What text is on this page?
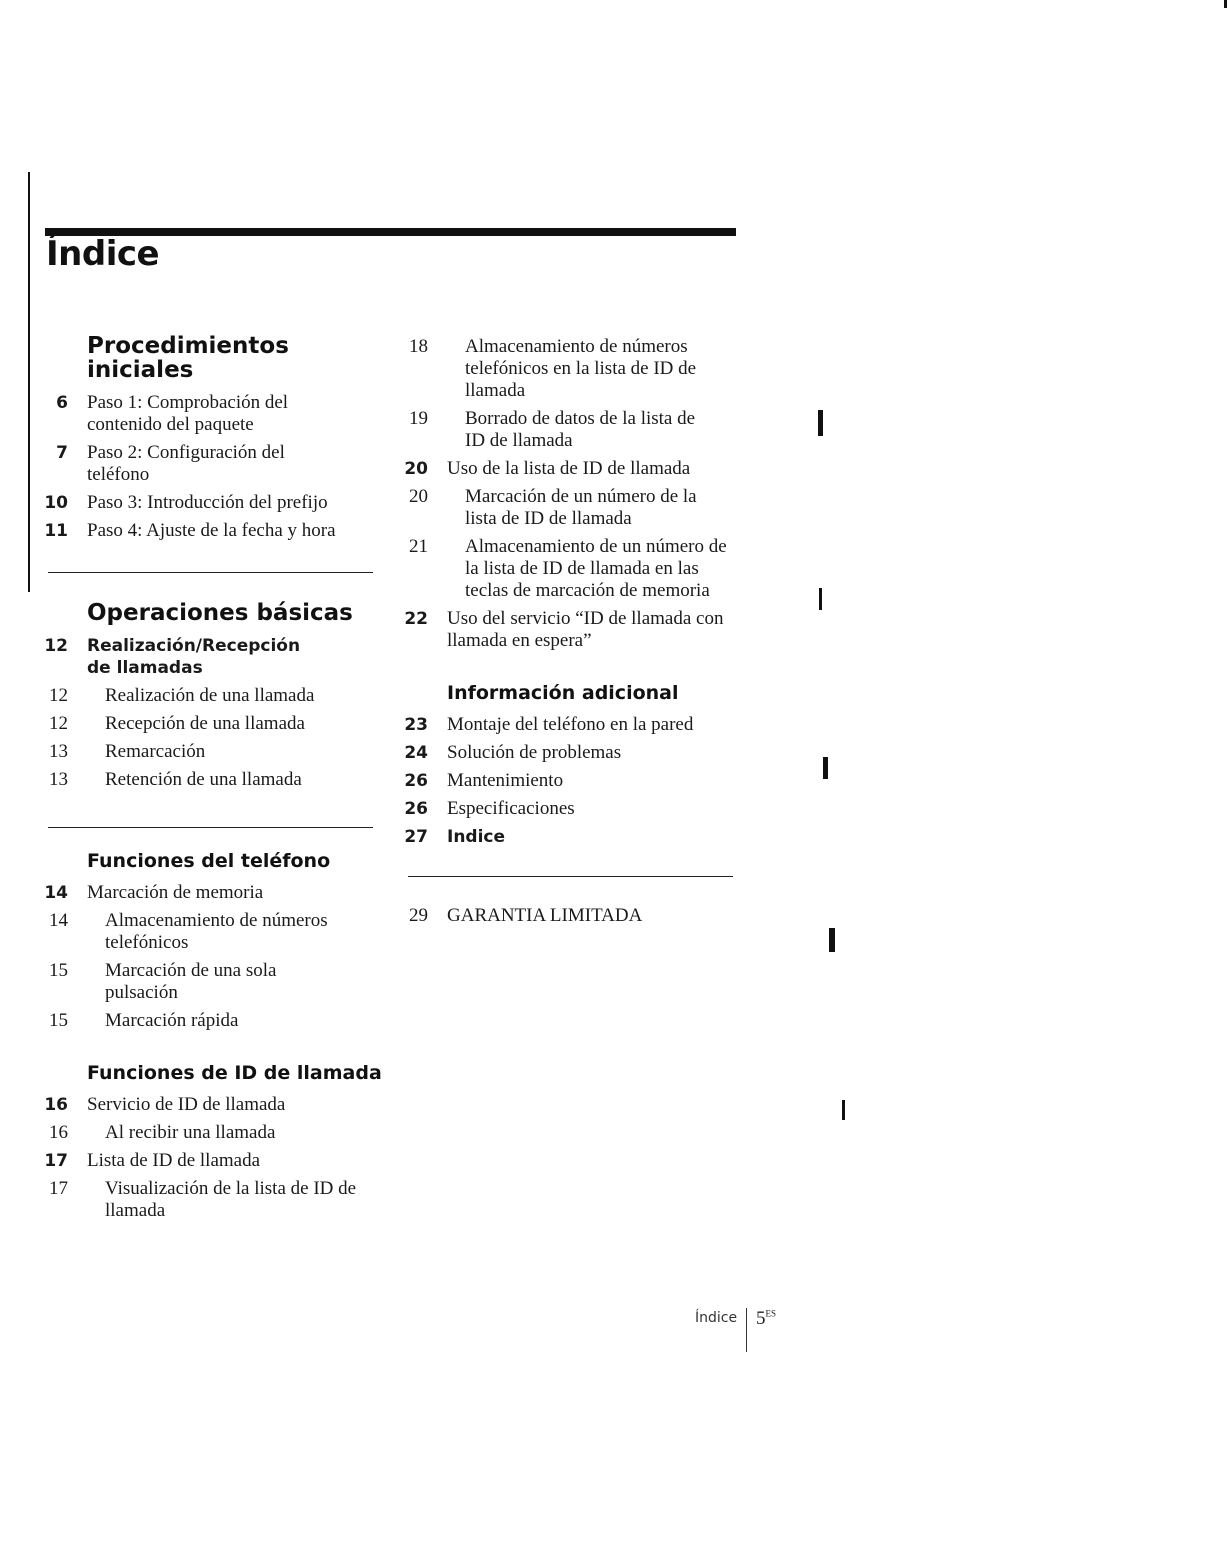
Índice
Procedimientos iniciales
6 Paso 1: Comprobación del contenido del paquete
7 Paso 2: Configuración del teléfono
10 Paso 3: Introducción del prefijo
11 Paso 4: Ajuste de la fecha y hora
Operaciones básicas
12 Realización/Recepción de llamadas
12 Realización de una llamada
12 Recepción de una llamada
13 Remarcación
13 Retención de una llamada
Funciones del teléfono
14 Marcación de memoria
14 Almacenamiento de números telefónicos
15 Marcación de una sola pulsación
15 Marcación rápida
Funciones de ID de llamada
16 Servicio de ID de llamada
16 Al recibir una llamada
17 Lista de ID de llamada
17 Visualización de la lista de ID de llamada
18 Almacenamiento de números telefónicos en la lista de ID de llamada
19 Borrado de datos de la lista de ID de llamada
20 Uso de la lista de ID de llamada
20 Marcación de un número de la lista de ID de llamada
21 Almacenamiento de un número de la lista de ID de llamada en las teclas de marcación de memoria
22 Uso del servicio “ID de llamada con llamada en espera”
Información adicional
23 Montaje del teléfono en la pared
24 Solución de problemas
26 Mantenimiento
26 Especificaciones
27 Indice
29 GARANTIA LIMITADA
Índice $5^{ES}$
